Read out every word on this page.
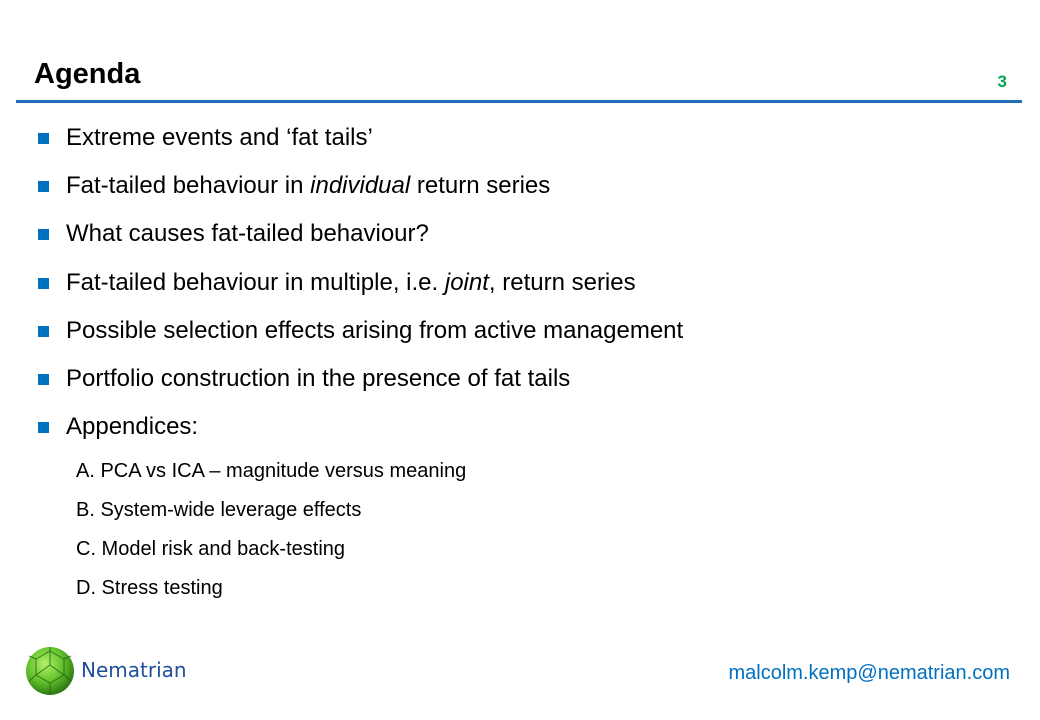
Agenda	3
Extreme events and ‘fat tails’
Fat-tailed behaviour in individual return series
What causes fat-tailed behaviour?
Fat-tailed behaviour in multiple, i.e. joint, return series
Possible selection effects arising from active management
Portfolio construction in the presence of fat tails
Appendices:
A. PCA vs ICA – magnitude versus meaning
B. System-wide leverage effects
C. Model risk and back-testing
D. Stress testing
Nematrian	malcolm.kemp@nematrian.com
